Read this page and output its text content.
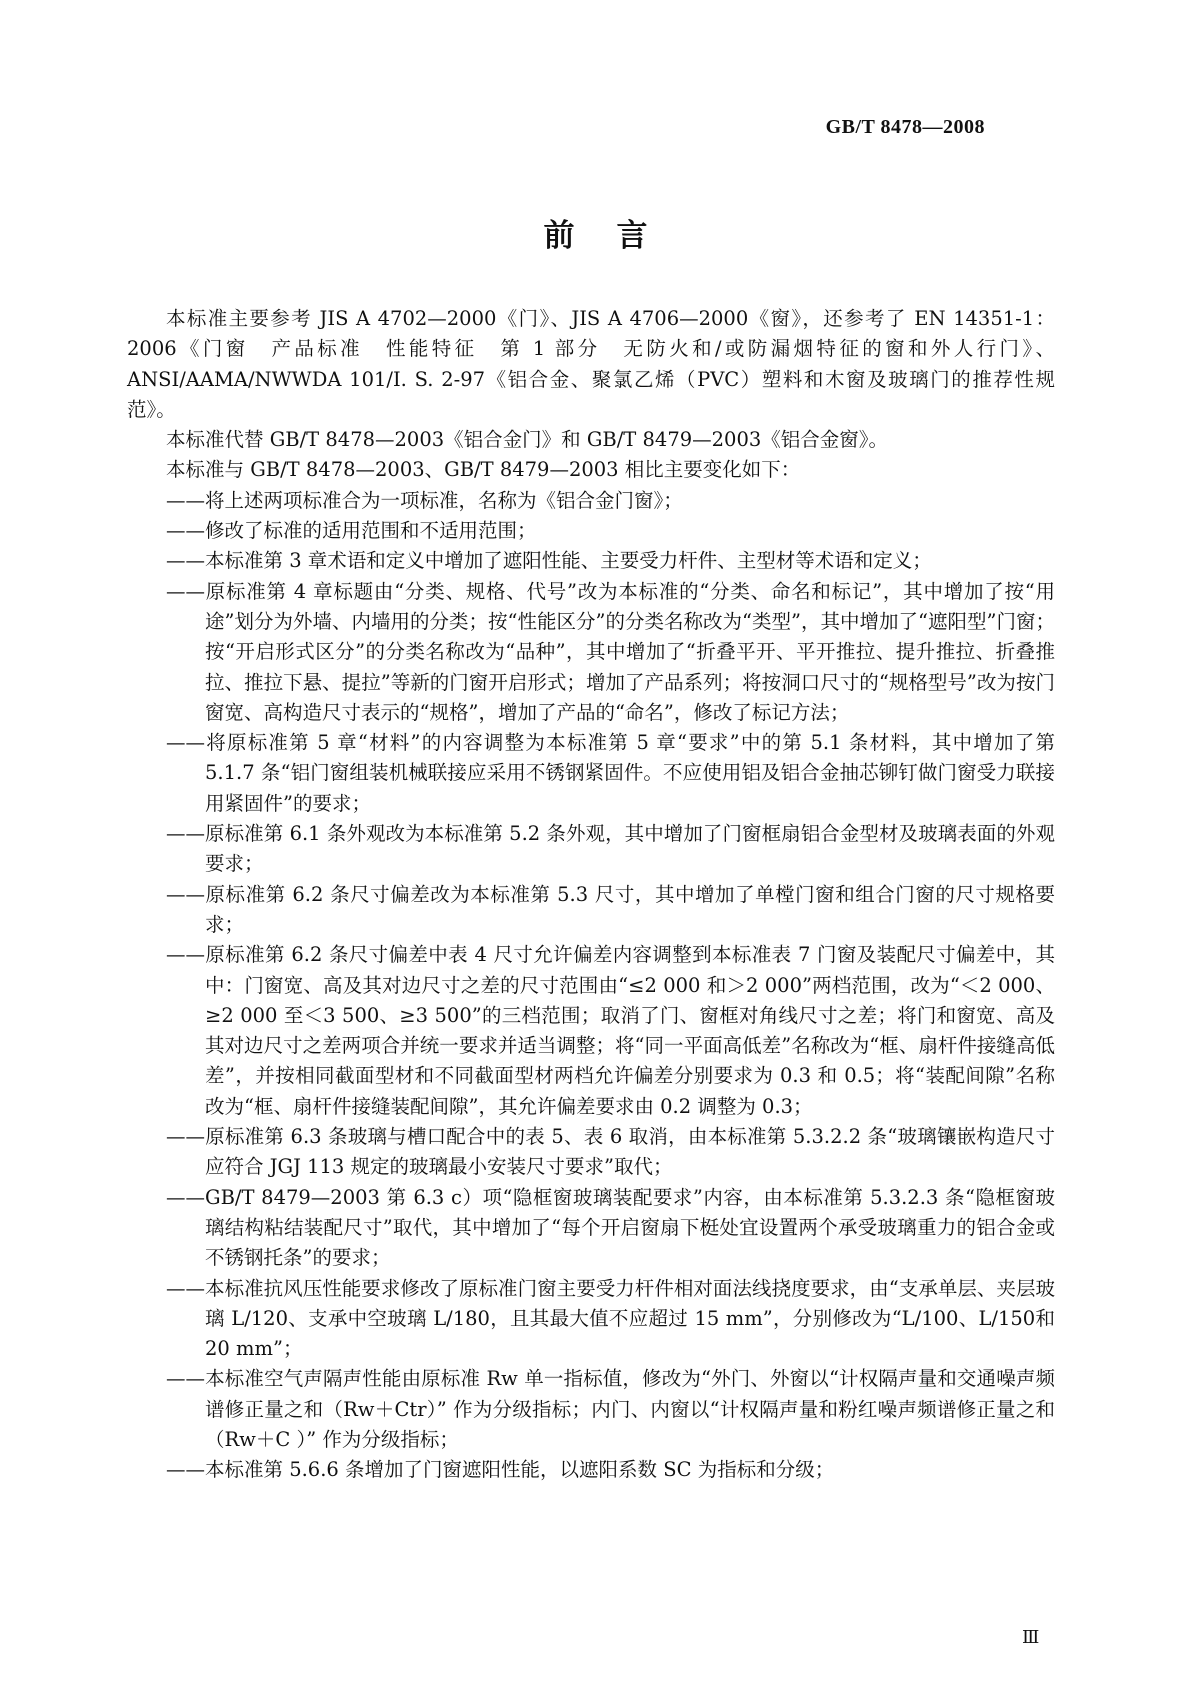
GB/T 8478—2008
前言

本标准主要参考 JIS A 4702—2000《门》、JIS A 4706—2000《窗》，还参考了 EN 14351-1：2006《门窗　产品标准　性能特征　第 1 部分　无防火和/或防漏烟特征的窗和外人行门》、ANSI/AAMA/NWWDA 101/I. S. 2-97《铝合金、聚氯乙烯（PVC）塑料和木窗及玻璃门的推荐性规范》。

本标准代替 GB/T 8478—2003《铝合金门》和 GB/T 8479—2003《铝合金窗》。

本标准与 GB/T 8478—2003、GB/T 8479—2003 相比主要变化如下：

——将上述两项标准合为一项标准，名称为《铝合金门窗》；

——修改了标准的适用范围和不适用范围；

——本标准第 3 章术语和定义中增加了遮阳性能、主要受力杆件、主型材等术语和定义；

——原标准第 4 章标题由“分类、规格、代号”改为本标准的“分类、命名和标记”，其中增加了按“用途”划分为外墙、内墙用的分类；按“性能区分”的分类名称改为“类型”，其中增加了“遮阳型”门窗；按“开启形式区分”的分类名称改为“品种”，其中增加了“折叠平开、平开推拉、提升推拉、折叠推拉、推拉下悬、提拉”等新的门窗开启形式；增加了产品系列；将按洞口尺寸的“规格型号”改为按门窗宽、高构造尺寸表示的“规格”，增加了产品的“命名”，修改了标记方法；

——将原标准第 5 章“材料”的内容调整为本标准第 5 章“要求”中的第 5.1 条材料，其中增加了第 5.1.7 条“铝门窗组装机械联接应采用不锈钢紧固件。不应使用铝及铝合金抽芯铆钉做门窗受力联接用紧固件”的要求；

——原标准第 6.1 条外观改为本标准第 5.2 条外观，其中增加了门窗框扇铝合金型材及玻璃表面的外观要求；

——原标准第 6.2 条尺寸偏差改为本标准第 5.3 尺寸，其中增加了单樘门窗和组合门窗的尺寸规格要求；

——原标准第 6.2 条尺寸偏差中表 4 尺寸允许偏差内容调整到本标准表 7 门窗及装配尺寸偏差中，其中：门窗宽、高及其对边尺寸之差的尺寸范围由“≤2 000 和＞2 000”两档范围，改为“＜2 000、≥2 000 至＜3 500、≥3 500”的三档范围；取消了门、窗框对角线尺寸之差；将门和窗宽、高及其对边尺寸之差两项合并统一要求并适当调整；将“同一平面高低差”名称改为“框、扇杆件接缝高低差”，并按相同截面型材和不同截面型材两档允许偏差分别要求为 0.3 和 0.5；将“装配间隙”名称改为“框、扇杆件接缝装配间隙”，其允许偏差要求由 0.2 调整为 0.3；

——原标准第 6.3 条玻璃与槽口配合中的表 5、表 6 取消，由本标准第 5.3.2.2 条“玻璃镶嵌构造尺寸应符合 JGJ 113 规定的玻璃最小安装尺寸要求”取代；

——GB/T 8479—2003 第 6.3 c）项“隐框窗玻璃装配要求”内容，由本标准第 5.3.2.3 条“隐框窗玻璃结构粘结装配尺寸”取代，其中增加了“每个开启窗扇下梃处宜设置两个承受玻璃重力的铝合金或不锈钢托条”的要求；

——本标准抗风压性能要求修改了原标准门窗主要受力杆件相对面法线挠度要求，由“支承单层、夹层玻璃 L/120、支承中空玻璃 L/180，且其最大值不应超过 15 mm”，分别修改为“L/100、L/150和 20 mm”；

——本标准空气声隔声性能由原标准 Rw 单一指标值，修改为“外门、外窗以“计权隔声量和交通噪声频谱修正量之和（Rw＋Ctr）” 作为分级指标；内门、内窗以“计权隔声量和粉红噪声频谱修正量之和（Rw＋C ）” 作为分级指标；

——本标准第 5.6.6 条增加了门窗遮阳性能，以遮阳系数 SC 为指标和分级；

Ⅲ
